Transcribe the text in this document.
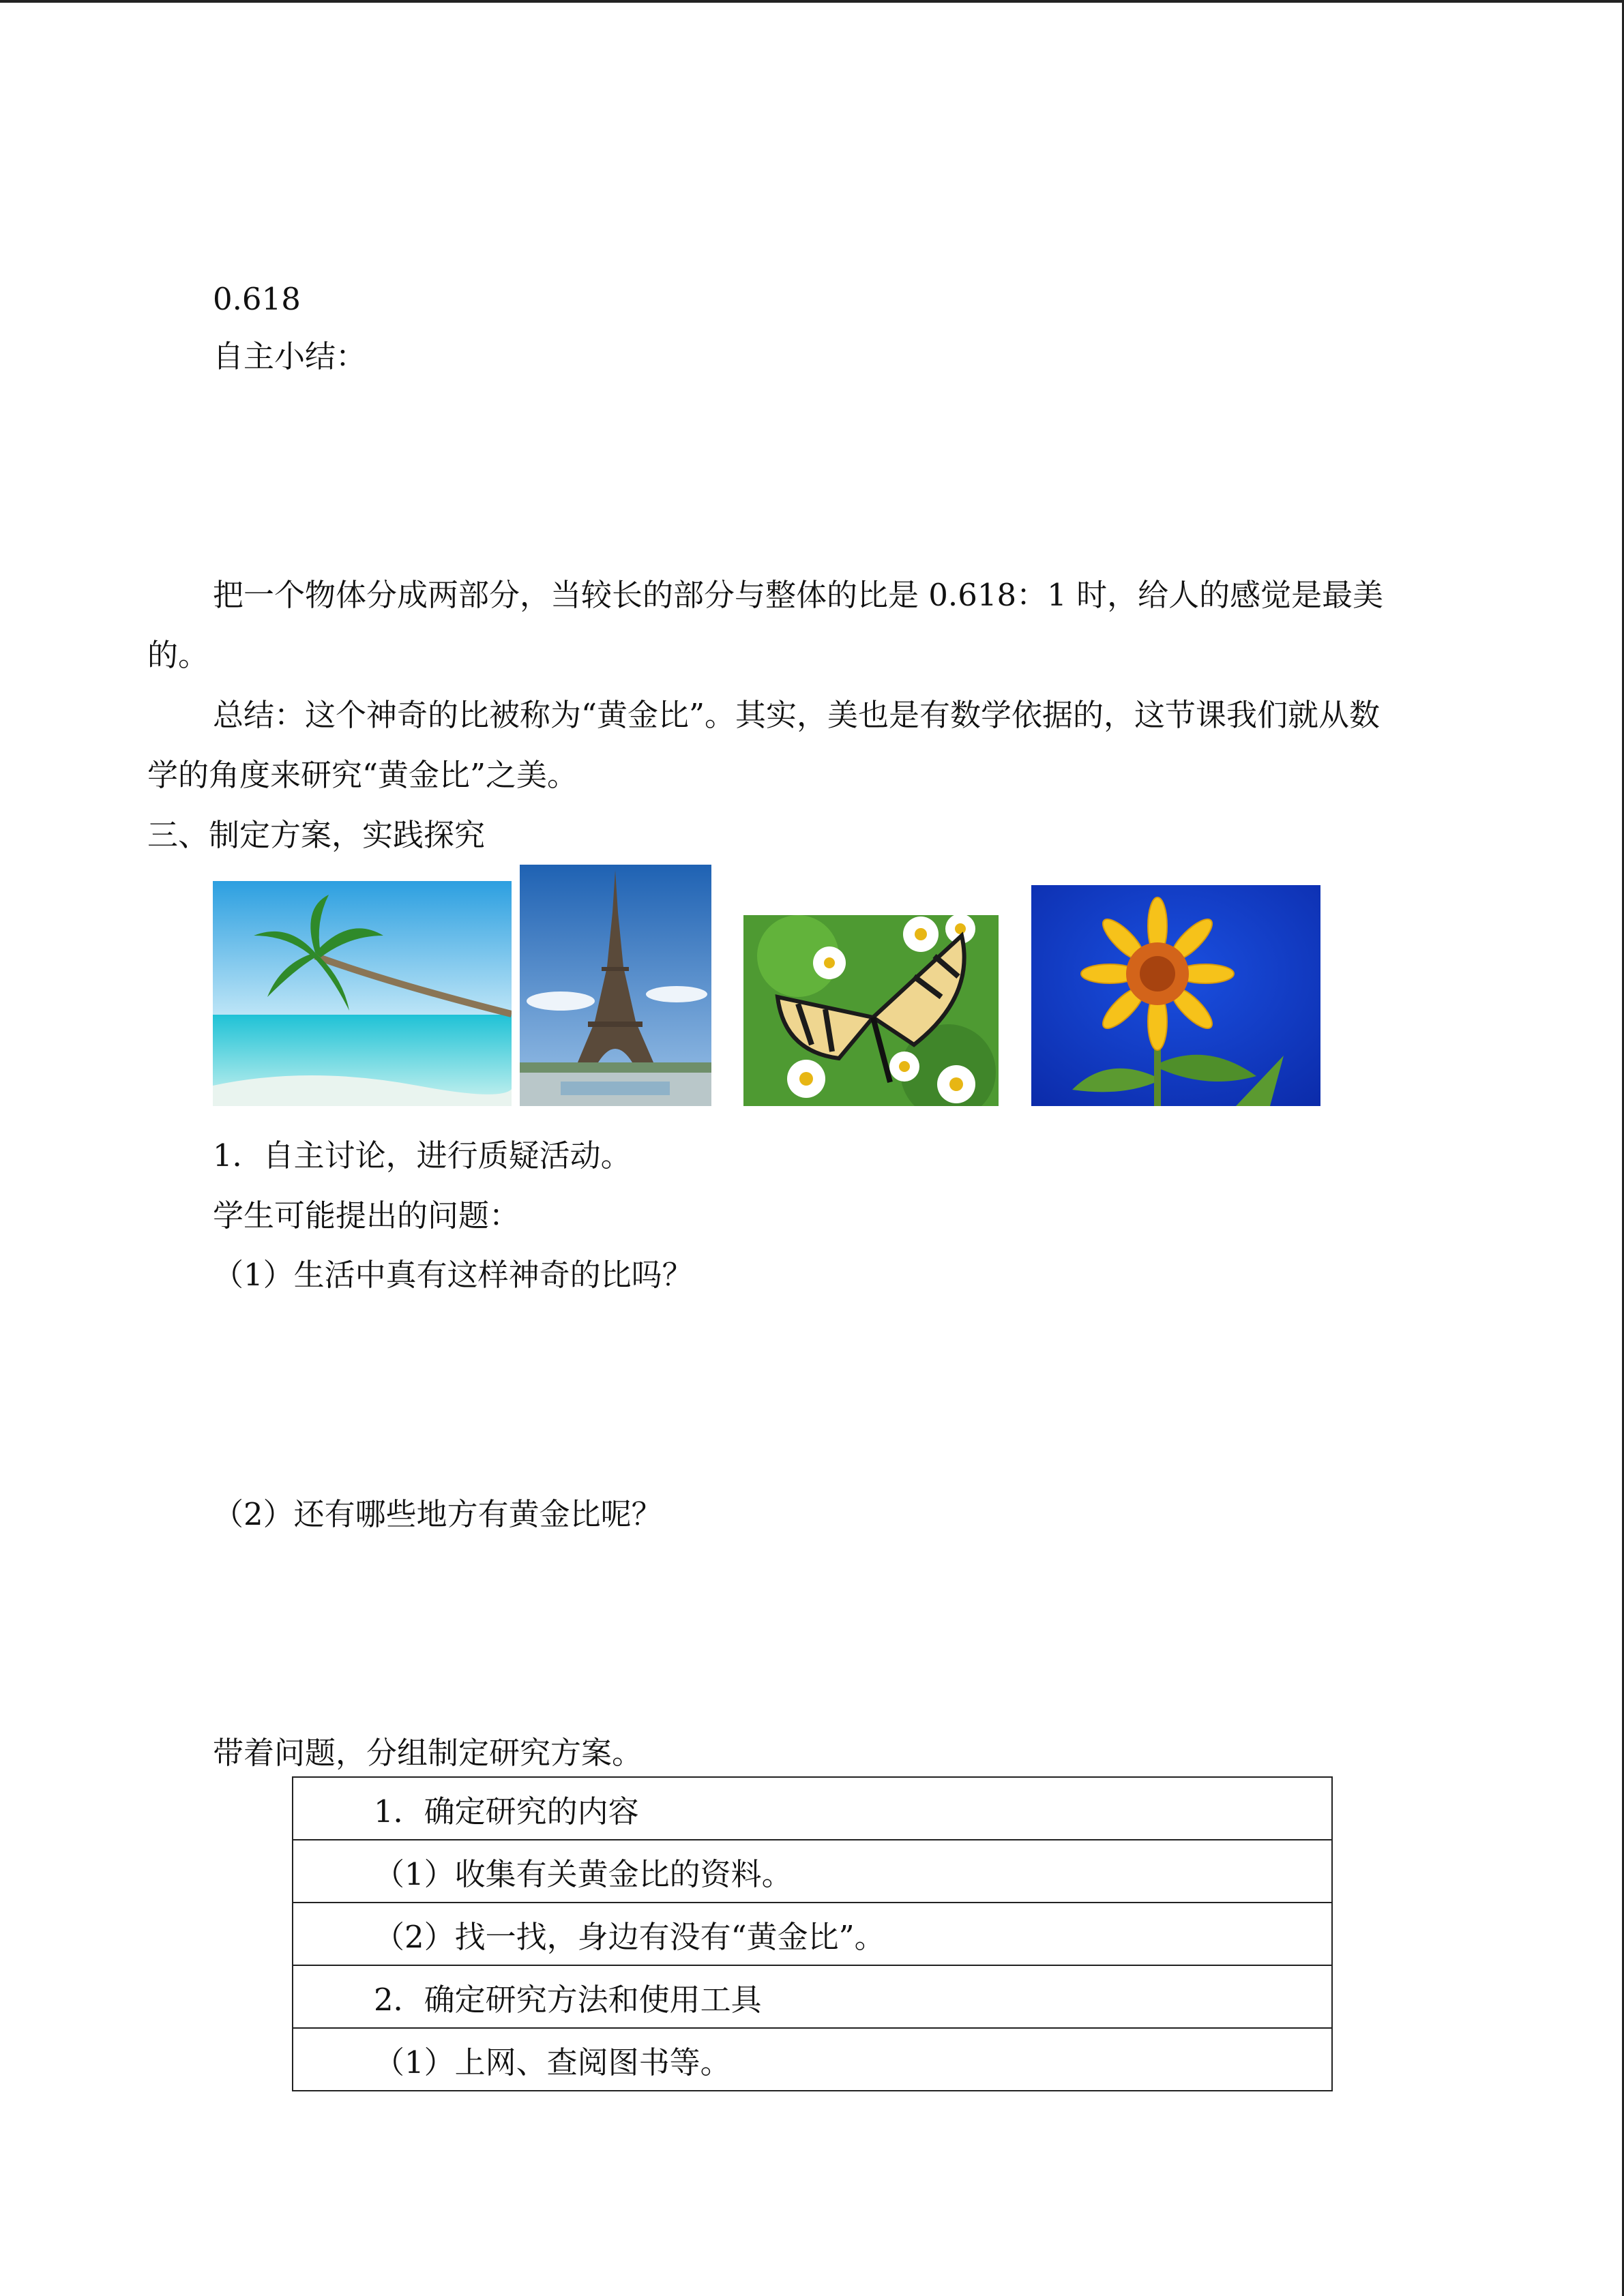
0.618
自主小结：
把一个物体分成两部分，当较长的部分与整体的比是 0.618：1 时，给人的感觉是最美
的。
总结：这个神奇的比被称为“黄金比”。其实，美也是有数学依据的，这节课我们就从数
学的角度来研究“黄金比”之美。
三、制定方案，实践探究
1．自主讨论，进行质疑活动。
学生可能提出的问题：
（1）生活中真有这样神奇的比吗？
（2）还有哪些地方有黄金比呢？
带着问题，分组制定研究方案。
1．确定研究的内容

（1）收集有关黄金比的资料。

（2）找一找，身边有没有“黄金比”。

2．确定研究方法和使用工具

（1）上网、查阅图书等。
